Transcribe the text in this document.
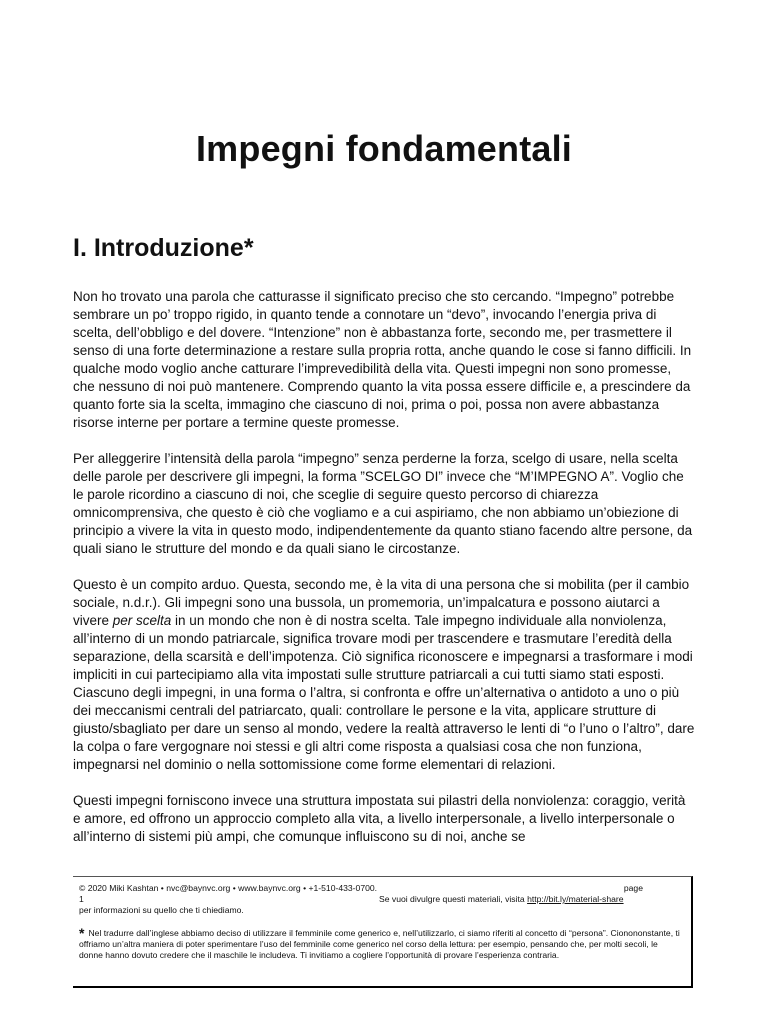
Impegni fondamentali
I. Introduzione*

Non ho trovato una parola che catturasse il significato preciso che sto cercando. “Impegno” potrebbe sembrare un po’ troppo rigido, in quanto tende a connotare un “devo”, invocando l’energia priva di scelta, dell’obbligo e del dovere. “Intenzione” non è abbastanza forte, secondo me, per trasmettere il senso di una forte determinazione a restare sulla propria rotta, anche quando le cose si fanno difficili. In qualche modo voglio anche catturare l’imprevedibilità della vita. Questi impegni non sono promesse, che nessuno di noi può mantenere. Comprendo quanto la vita possa essere difficile e, a prescindere da quanto forte sia la scelta, immagino che ciascuno di noi, prima o poi, possa non avere abbastanza risorse interne per portare a termine queste promesse.

Per alleggerire l’intensità della parola “impegno” senza perderne la forza, scelgo di usare, nella scelta delle parole per descrivere gli impegni, la forma ”SCELGO DI” invece che “M’IMPEGNO A”. Voglio che le parole ricordino a ciascuno di noi, che sceglie di seguire questo percorso di chiarezza omnicomprensiva, che questo è ciò che vogliamo e a cui aspiriamo, che non abbiamo un’obiezione di principio a vivere la vita in questo modo, indipendentemente da quanto stiano facendo altre persone, da quali siano le strutture del mondo e da quali siano le circostanze.

Questo è un compito arduo. Questa, secondo me, è la vita di una persona che si mobilita (per il cambio sociale, n.d.r.). Gli impegni sono una bussola, un promemoria, un’impalcatura e possono aiutarci a vivere per scelta in un mondo che non è di nostra scelta. Tale impegno individuale alla nonviolenza, all’interno di un mondo patriarcale, significa trovare modi per trascendere e trasmutare l’eredità della separazione, della scarsità e dell’impotenza. Ciò significa riconoscere e impegnarsi a trasformare i modi impliciti in cui partecipiamo alla vita impostati sulle strutture patriarcali a cui tutti siamo stati esposti. Ciascuno degli impegni, in una forma o l’altra, si confronta e offre un’alternativa o antidoto a uno o più dei meccanismi centrali del patriarcato, quali: controllare le persone e la vita, applicare strutture di giusto/sbagliato per dare un senso al mondo, vedere la realtà attraverso le lenti di “o l’uno o l’altro”, dare la colpa o fare vergognare noi stessi e gli altri come risposta a qualsiasi cosa che non funziona, impegnarsi nel dominio o nella sottomissione come forme elementari di relazioni.

Questi impegni forniscono invece una struttura impostata sui pilastri della nonviolenza: coraggio, verità e amore, ed offrono un approccio completo alla vita, a livello interpersonale, a livello interpersonale o all’interno di sistemi più ampi, che comunque influiscono su di noi, anche se

© 2020 Miki Kashtan • nvc@baynvc.org • www.baynvc.org • +1-510-433-0700.	page
1	Se vuoi divulgre questi materiali, visita http://bit.ly/material-share
per informazioni su quello che ti chiediamo.
* Nel tradurre dall’inglese abbiamo deciso di utilizzare il femminile come generico e, nell’utilizzarlo, ci siamo riferiti al concetto di “persona”. Cionononstante, ti offriamo un’altra maniera di poter sperimentare l’uso del femminile come generico nel corso della lettura: per esempio, pensando che, per molti secoli, le donne hanno dovuto credere che il maschile le includeva. Ti invitiamo a cogliere l’opportunità di provare l’esperienza contraria.
